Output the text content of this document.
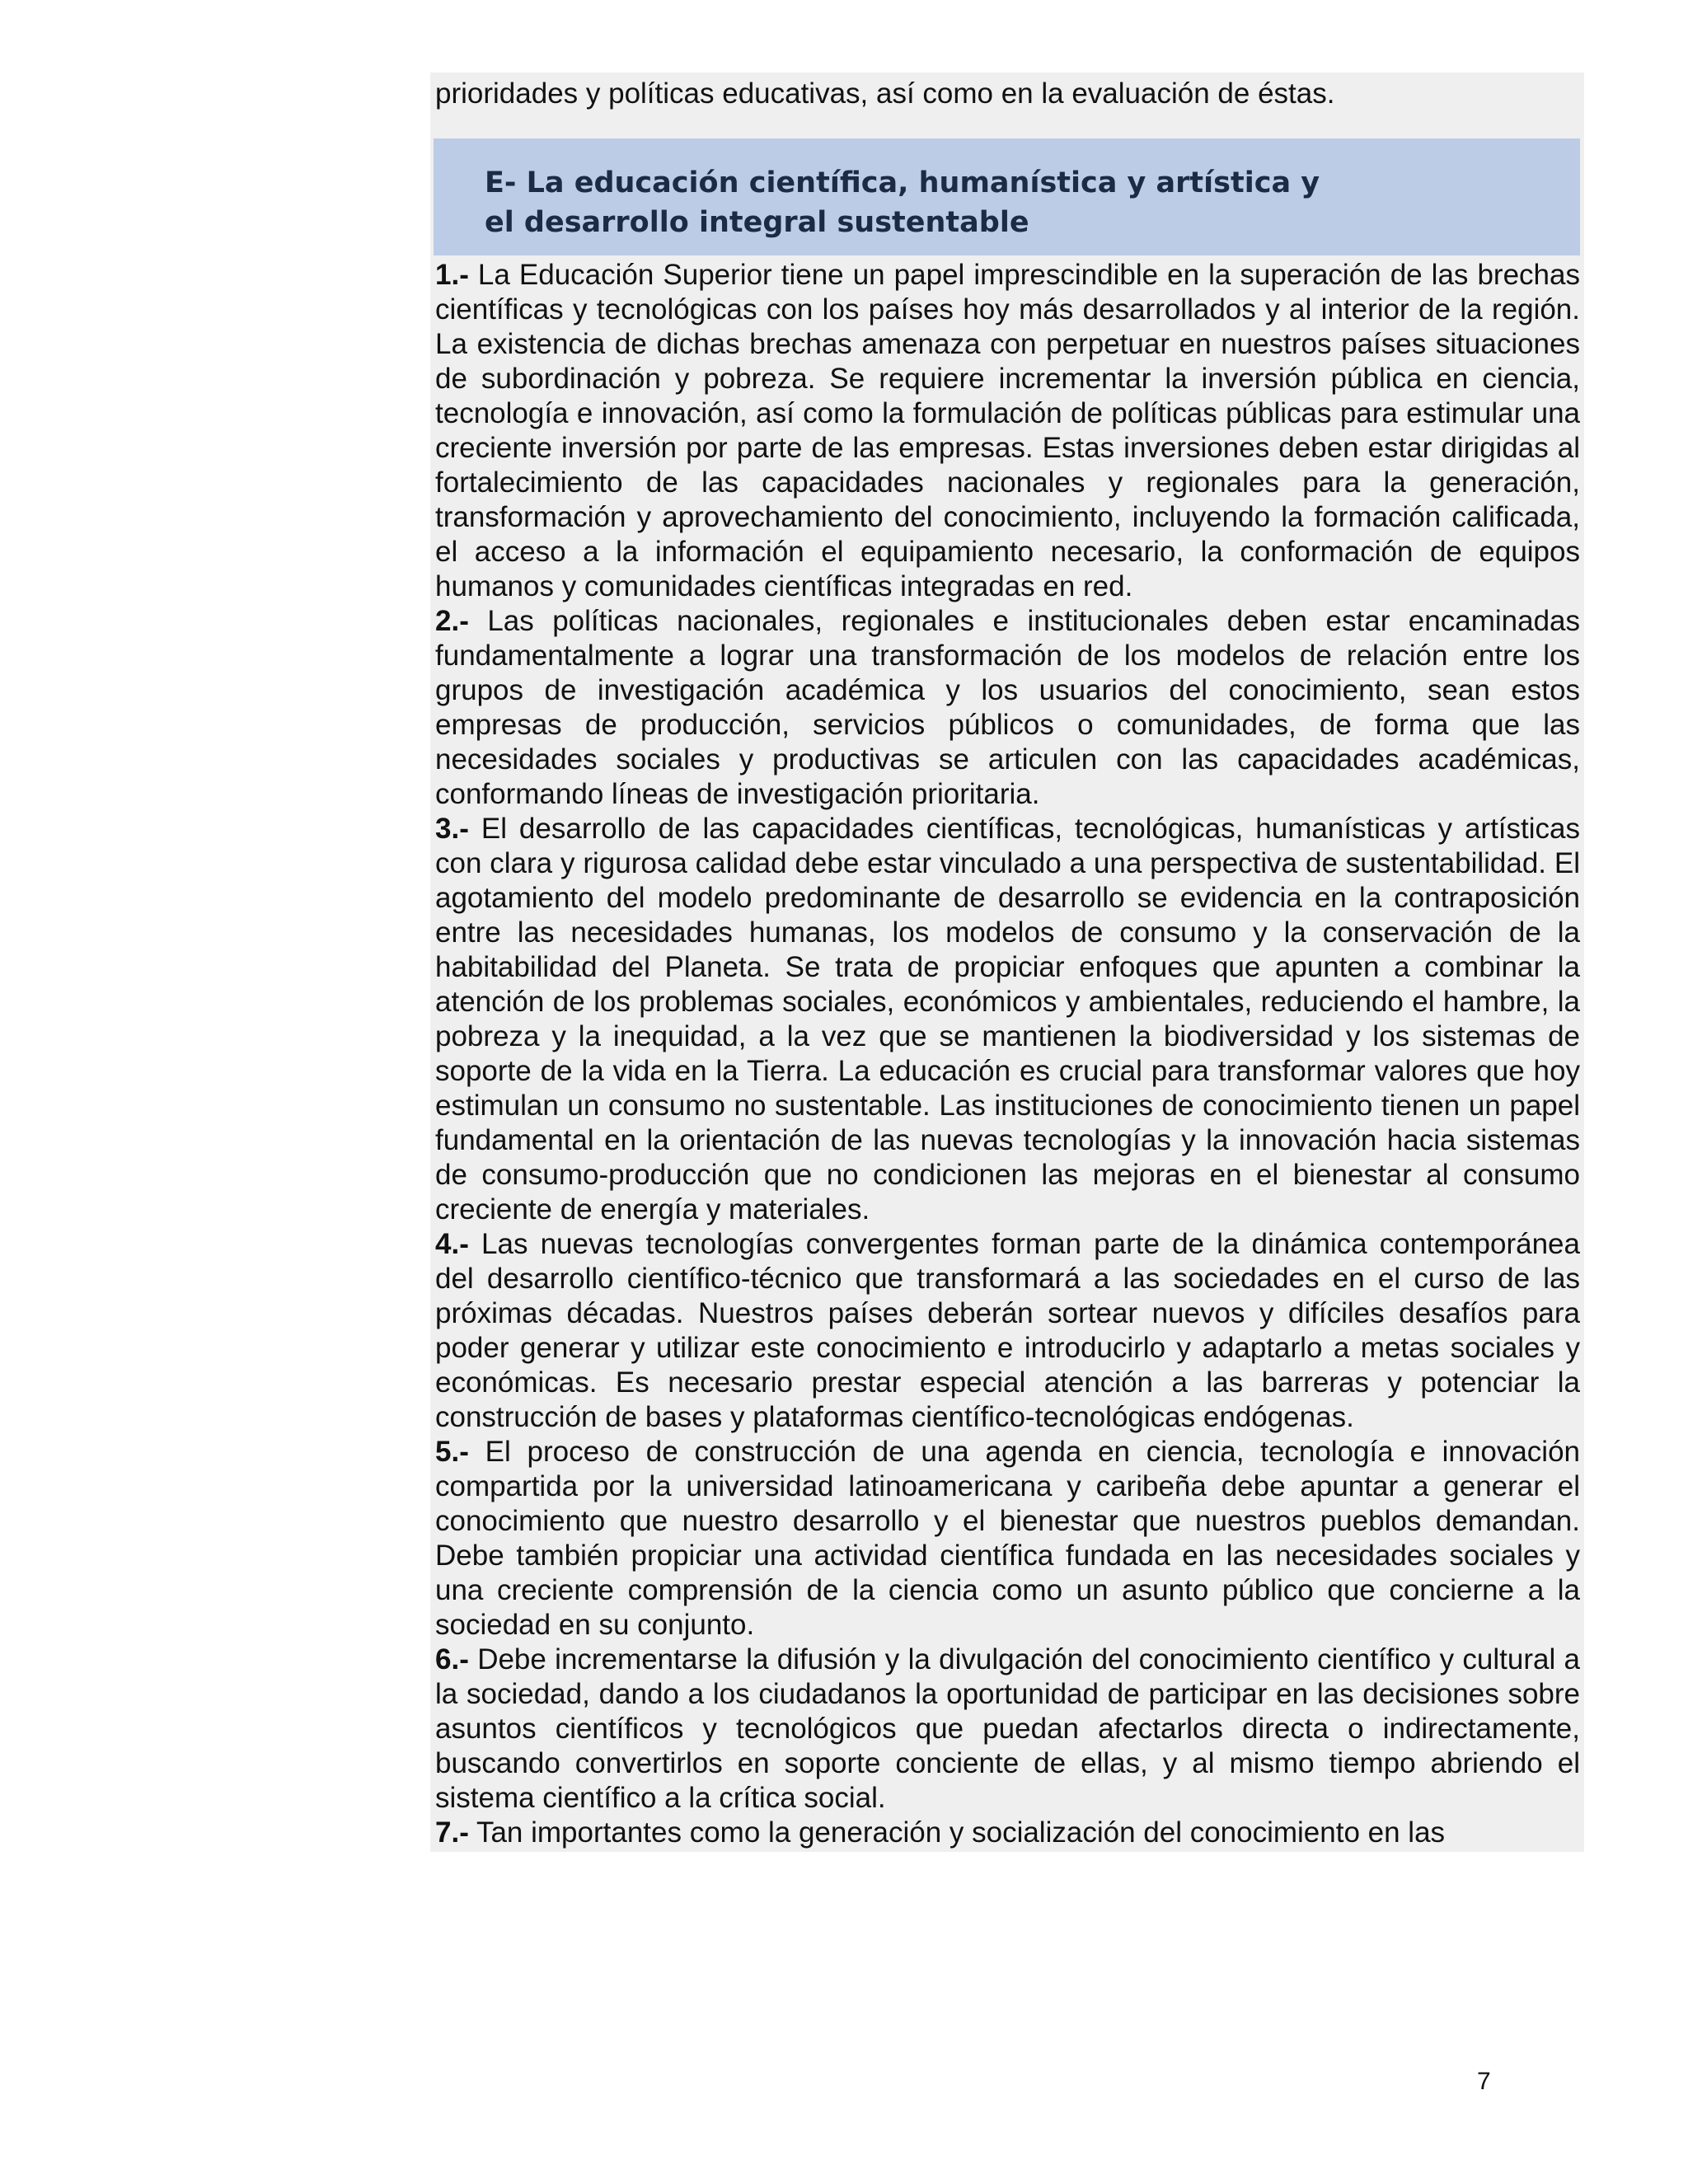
prioridades y políticas educativas, así como en la evaluación de éstas.
E- La educación científica, humanística y artística y
el desarrollo integral sustentable
1.- La Educación Superior tiene un papel imprescindible en la superación de las brechas científicas y tecnológicas con los países hoy más desarrollados y al interior de la región. La existencia de dichas brechas amenaza con perpetuar en nuestros países situaciones de subordinación y pobreza. Se requiere incrementar la inversión pública en ciencia, tecnología e innovación, así como la formulación de políticas públicas para estimular una creciente inversión por parte de las empresas. Estas inversiones deben estar dirigidas al fortalecimiento de las capacidades nacionales y regionales para la generación, transformación y aprovechamiento del conocimiento, incluyendo la formación calificada, el acceso a la información el equipamiento necesario, la conformación de equipos humanos y comunidades científicas integradas en red.
2.- Las políticas nacionales, regionales e institucionales deben estar encaminadas fundamentalmente a lograr una transformación de los modelos de relación entre los grupos de investigación académica y los usuarios del conocimiento, sean estos empresas de producción, servicios públicos o comunidades, de forma que las necesidades sociales y productivas se articulen con las capacidades académicas, conformando líneas de investigación prioritaria.
3.- El desarrollo de las capacidades científicas, tecnológicas, humanísticas y artísticas con clara y rigurosa calidad debe estar vinculado a una perspectiva de sustentabilidad. El agotamiento del modelo predominante de desarrollo se evidencia en la contraposición entre las necesidades humanas, los modelos de consumo y la conservación de la habitabilidad del Planeta. Se trata de propiciar enfoques que apunten a combinar la atención de los problemas sociales, económicos y ambientales, reduciendo el hambre, la pobreza y la inequidad, a la vez que se mantienen la biodiversidad y los sistemas de soporte de la vida en la Tierra. La educación es crucial para transformar valores que hoy estimulan un consumo no sustentable. Las instituciones de conocimiento tienen un papel fundamental en la orientación de las nuevas tecnologías y la innovación hacia sistemas de consumo-producción que no condicionen las mejoras en el bienestar al consumo creciente de energía y materiales.
4.- Las nuevas tecnologías convergentes forman parte de la dinámica contemporánea del desarrollo científico-técnico que transformará a las sociedades en el curso de las próximas décadas. Nuestros países deberán sortear nuevos y difíciles desafíos para poder generar y utilizar este conocimiento e introducirlo y adaptarlo a metas sociales y económicas. Es necesario prestar especial atención a las barreras y potenciar la construcción de bases y plataformas científico-tecnológicas endógenas.
5.- El proceso de construcción de una agenda en ciencia, tecnología e innovación compartida por la universidad latinoamericana y caribeña debe apuntar a generar el conocimiento que nuestro desarrollo y el bienestar que nuestros pueblos demandan. Debe también propiciar una actividad científica fundada en las necesidades sociales y una creciente comprensión de la ciencia como un asunto público que concierne a la sociedad en su conjunto.
6.- Debe incrementarse la difusión y la divulgación del conocimiento científico y cultural a la sociedad, dando a los ciudadanos la oportunidad de participar en las decisiones sobre asuntos científicos y tecnológicos que puedan afectarlos directa o indirectamente, buscando convertirlos en soporte conciente de ellas, y al mismo tiempo abriendo el sistema científico a la crítica social.
7.- Tan importantes como la generación y socialización del conocimiento en las
7
